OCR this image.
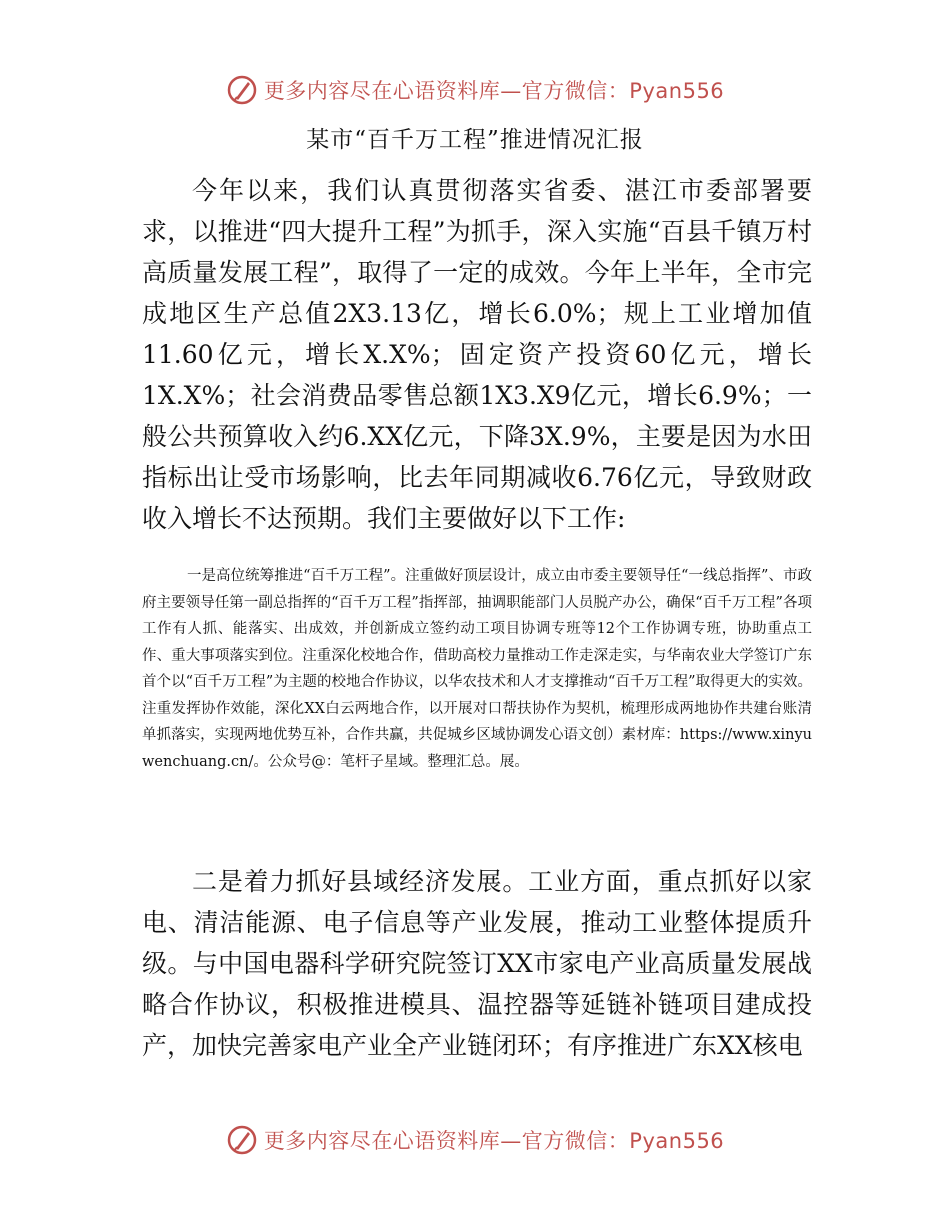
更多内容尽在心语资料库—官方微信：Pyan556
某市“百千万工程”推进情况汇报

今年以来，我们认真贯彻落实省委、湛江市委部署要求，以推进“四大提升工程”为抓手，深入实施“百县千镇万村高质量发展工程”，取得了一定的成效。今年上半年，全市完成地区生产总值2X3.13亿，增长6.0%；规上工业增加值11.60亿元，增长X.X%；固定资产投资60亿元，增长1X.X%；社会消费品零售总额1X3.X9亿元，增长6.9%；一般公共预算收入约6.XX亿元，下降3X.9%，主要是因为水田指标出让受市场影响，比去年同期减收6.76亿元，导致财政收入增长不达预期。我们主要做好以下工作:

一是高位统筹推进“百千万工程”。注重做好顶层设计，成立由市委主要领导任“一线总指挥”、市政府主要领导任第一副总指挥的“百千万工程”指挥部，抽调职能部门人员脱产办公，确保“百千万工程”各项工作有人抓、能落实、出成效，并创新成立签约动工项目协调专班等12个工作协调专班，协助重点工作、重大事项落实到位。注重深化校地合作，借助高校力量推动工作走深走实，与华南农业大学签订广东首个以“百千万工程”为主题的校地合作协议，以华农技术和人才支撑推动“百千万工程”取得更大的实效。注重发挥协作效能，深化XX白云两地合作，以开展对口帮扶协作为契机，梳理形成两地协作共建台账清单抓落实，实现两地优势互补，合作共赢，共促城乡区域协调发心语文创）素材库：https://www.xinyuwenchuang.cn/。公众号@：笔杆子星域。整理汇总。展。

二是着力抓好县域经济发展。工业方面，重点抓好以家电、清洁能源、电子信息等产业发展，推动工业整体提质升级。与中国电器科学研究院签订XX市家电产业高质量发展战略合作协议，积极推进模具、温控器等延链补链项目建成投产，加快完善家电产业全产业链闭环；有序推进广东XX核电

更多内容尽在心语资料库—官方微信：Pyan556
